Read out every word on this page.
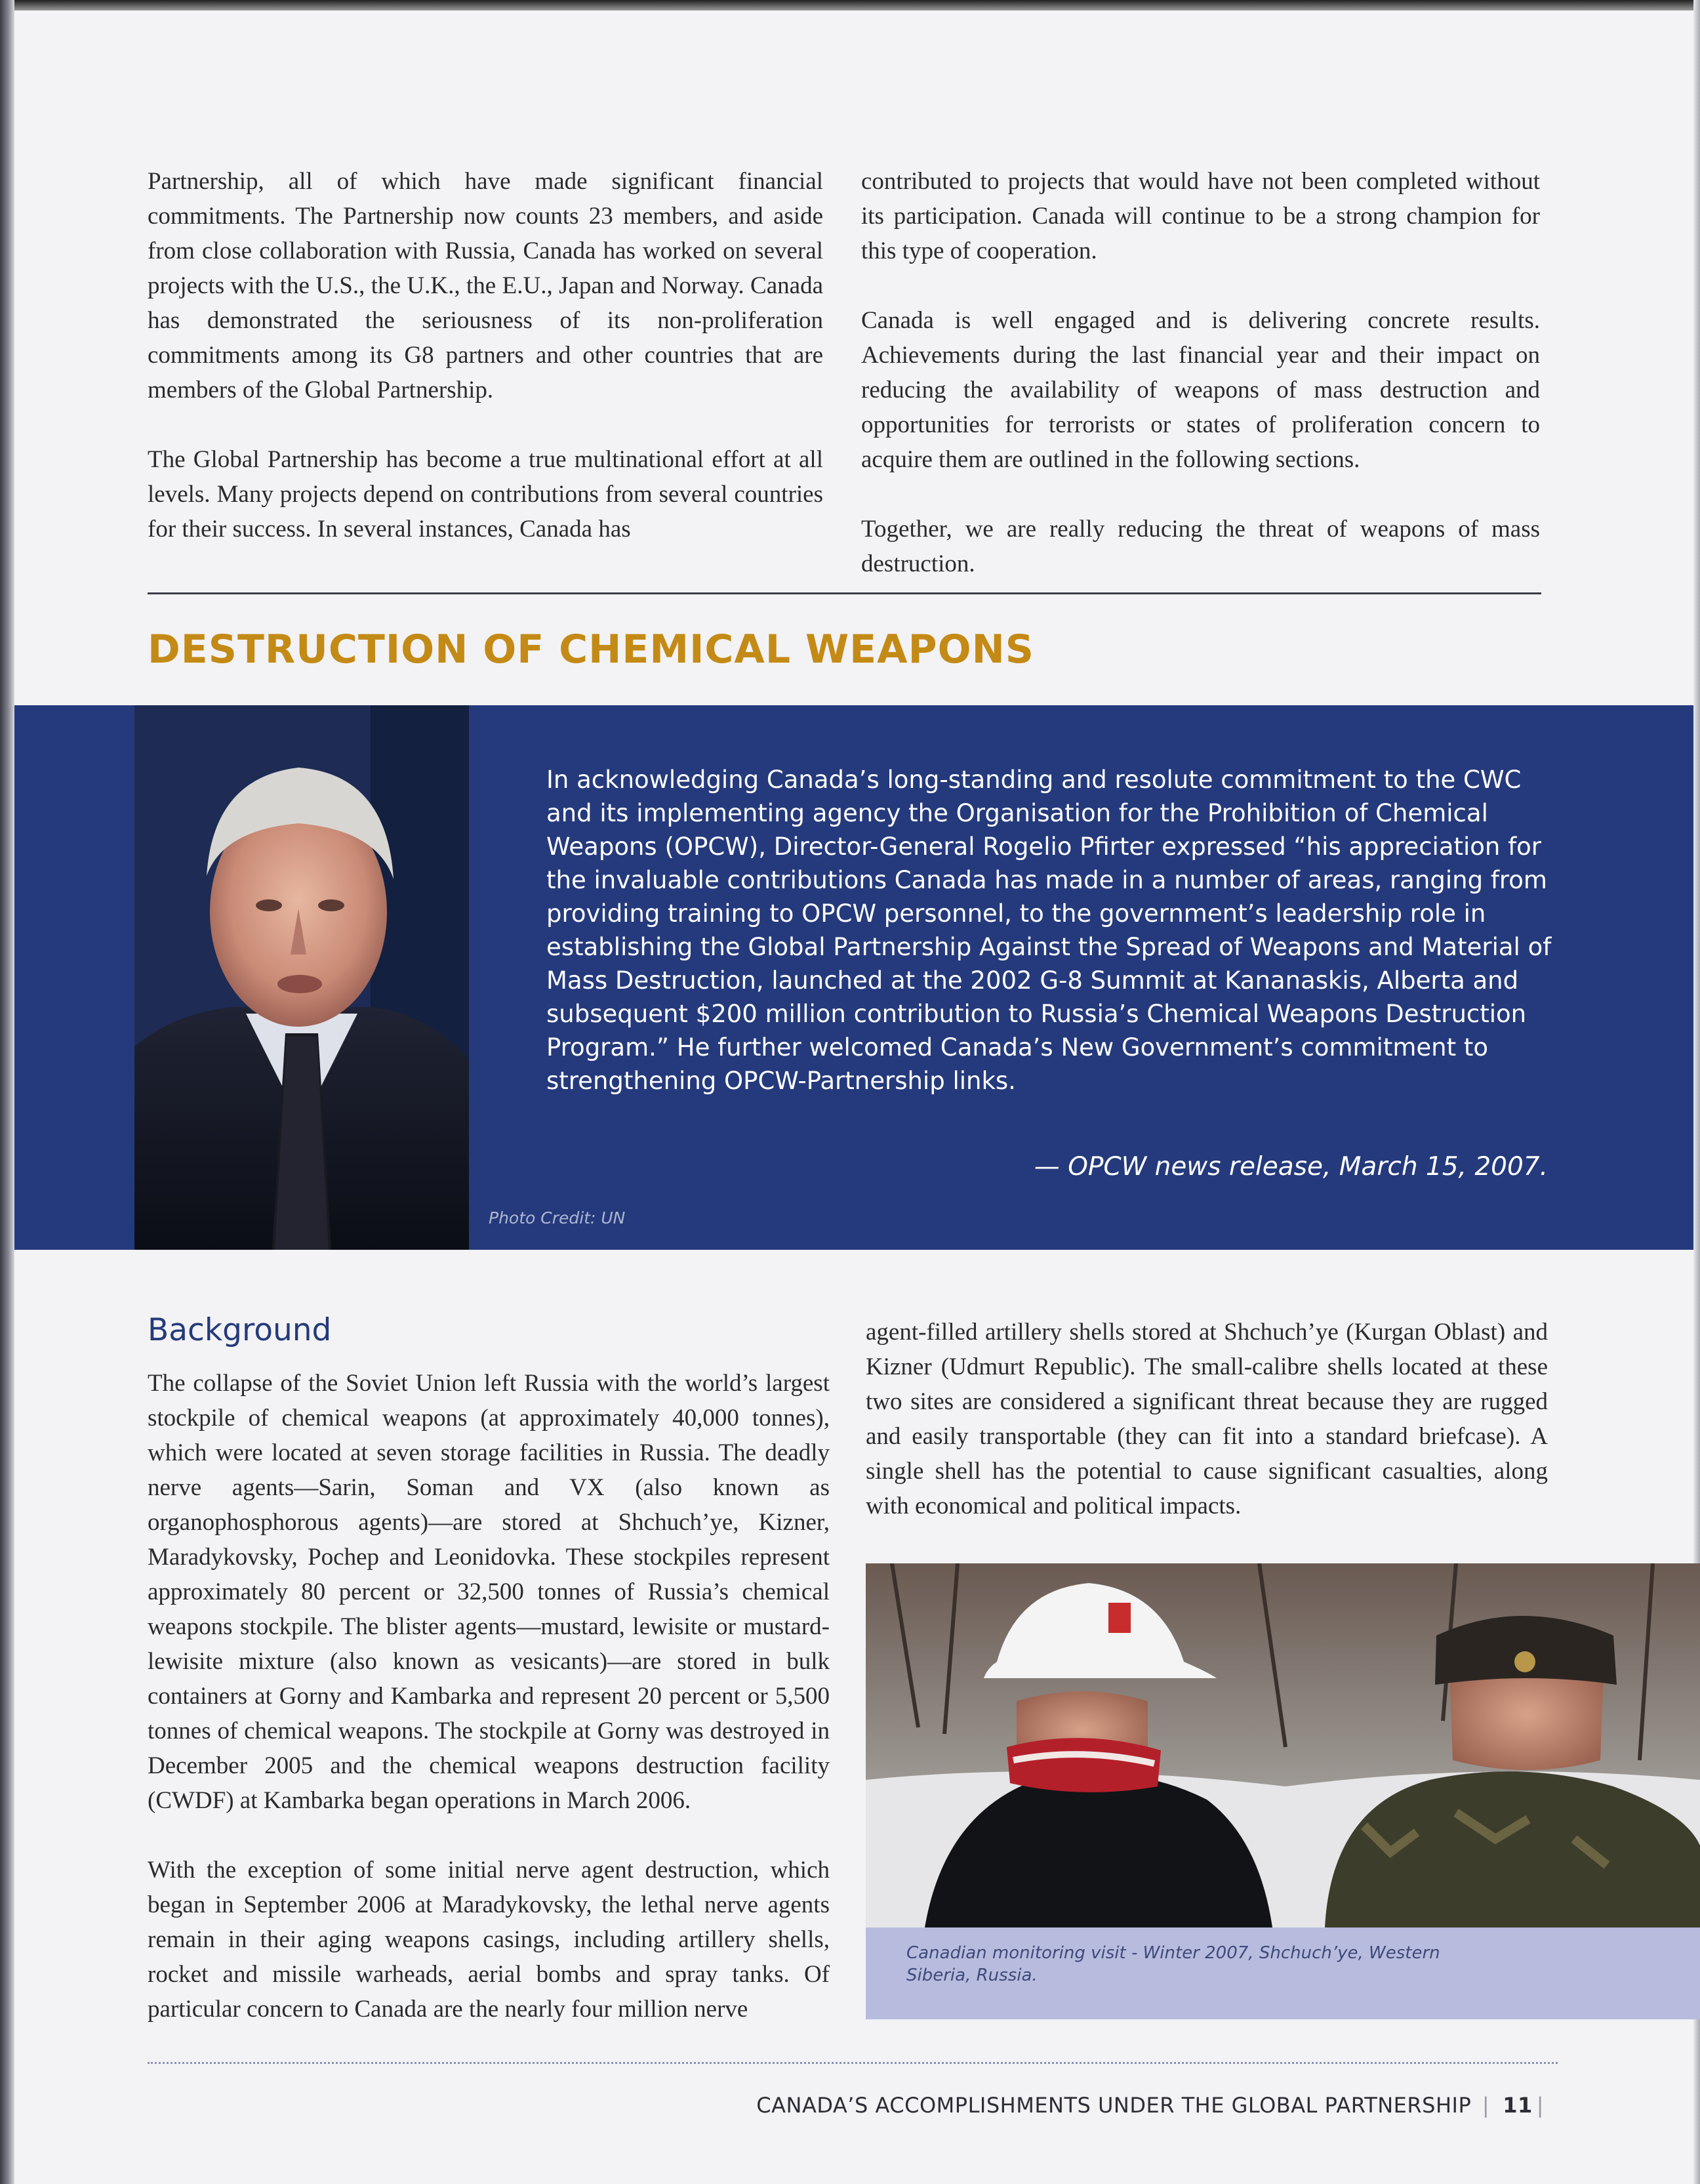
Partnership, all of which have made significant financial commitments. The Partnership now counts 23 members, and aside from close collaboration with Russia, Canada has worked on several projects with the U.S., the U.K., the E.U., Japan and Norway. Canada has demonstrated the seriousness of its non-proliferation commitments among its G8 partners and other countries that are members of the Global Partnership.

The Global Partnership has become a true multinational effort at all levels. Many projects depend on contributions from several countries for their success. In several instances, Canada has

contributed to projects that would have not been completed without its participation. Canada will continue to be a strong champion for this type of cooperation.

Canada is well engaged and is delivering concrete results. Achievements during the last financial year and their impact on reducing the availability of weapons of mass destruction and opportunities for terrorists or states of proliferation concern to acquire them are outlined in the following sections.

Together, we are really reducing the threat of weapons of mass destruction.

DESTRUCTION OF CHEMICAL WEAPONS
Photo Credit: UN
In acknowledging Canada’s long-standing and resolute commitment to the CWC and its implementing agency the Organisation for the Prohibition of Chemical Weapons (OPCW), Director-General Rogelio Pfirter expressed “his appreciation for the invaluable contributions Canada has made in a number of areas, ranging from providing training to OPCW personnel, to the government’s leadership role in establishing the Global Partnership Against the Spread of Weapons and Material of Mass Destruction, launched at the 2002 G-8 Summit at Kananaskis, Alberta and subsequent $200 million contribution to Russia’s Chemical Weapons Destruction Program.” He further welcomed Canada’s New Government’s commitment to strengthening OPCW-Partnership links.
— OPCW news release, March 15, 2007.
Background

The collapse of the Soviet Union left Russia with the world’s largest stockpile of chemical weapons (at approximately 40,000 tonnes), which were located at seven storage facilities in Russia. The deadly nerve agents—Sarin, Soman and VX (also known as organophosphorous agents)—are stored at Shchuch’ye, Kizner, Maradykovsky, Pochep and Leonidovka. These stockpiles represent approximately 80 percent or 32,500 tonnes of Russia’s chemical weapons stockpile. The blister agents—mustard, lewisite or mustard-lewisite mixture (also known as vesicants)—are stored in bulk containers at Gorny and Kambarka and represent 20 percent or 5,500 tonnes of chemical weapons. The stockpile at Gorny was destroyed in December 2005 and the chemical weapons destruction facility (CWDF) at Kambarka began operations in March 2006.

With the exception of some initial nerve agent destruction, which began in September 2006 at Maradykovsky, the lethal nerve agents remain in their aging weapons casings, including artillery shells, rocket and missile warheads, aerial bombs and spray tanks. Of particular concern to Canada are the nearly four million nerve

agent-filled artillery shells stored at Shchuch’ye (Kurgan Oblast) and Kizner (Udmurt Republic). The small-calibre shells located at these two sites are considered a significant threat because they are rugged and easily transportable (they can fit into a standard briefcase). A single shell has the potential to cause significant casualties, along with economical and political impacts.

Canadian monitoring visit - Winter 2007, Shchuch’ye, Western Siberia, Russia.
CANADA’S ACCOMPLISHMENTS UNDER THE GLOBAL PARTNERSHIP | 11 |
